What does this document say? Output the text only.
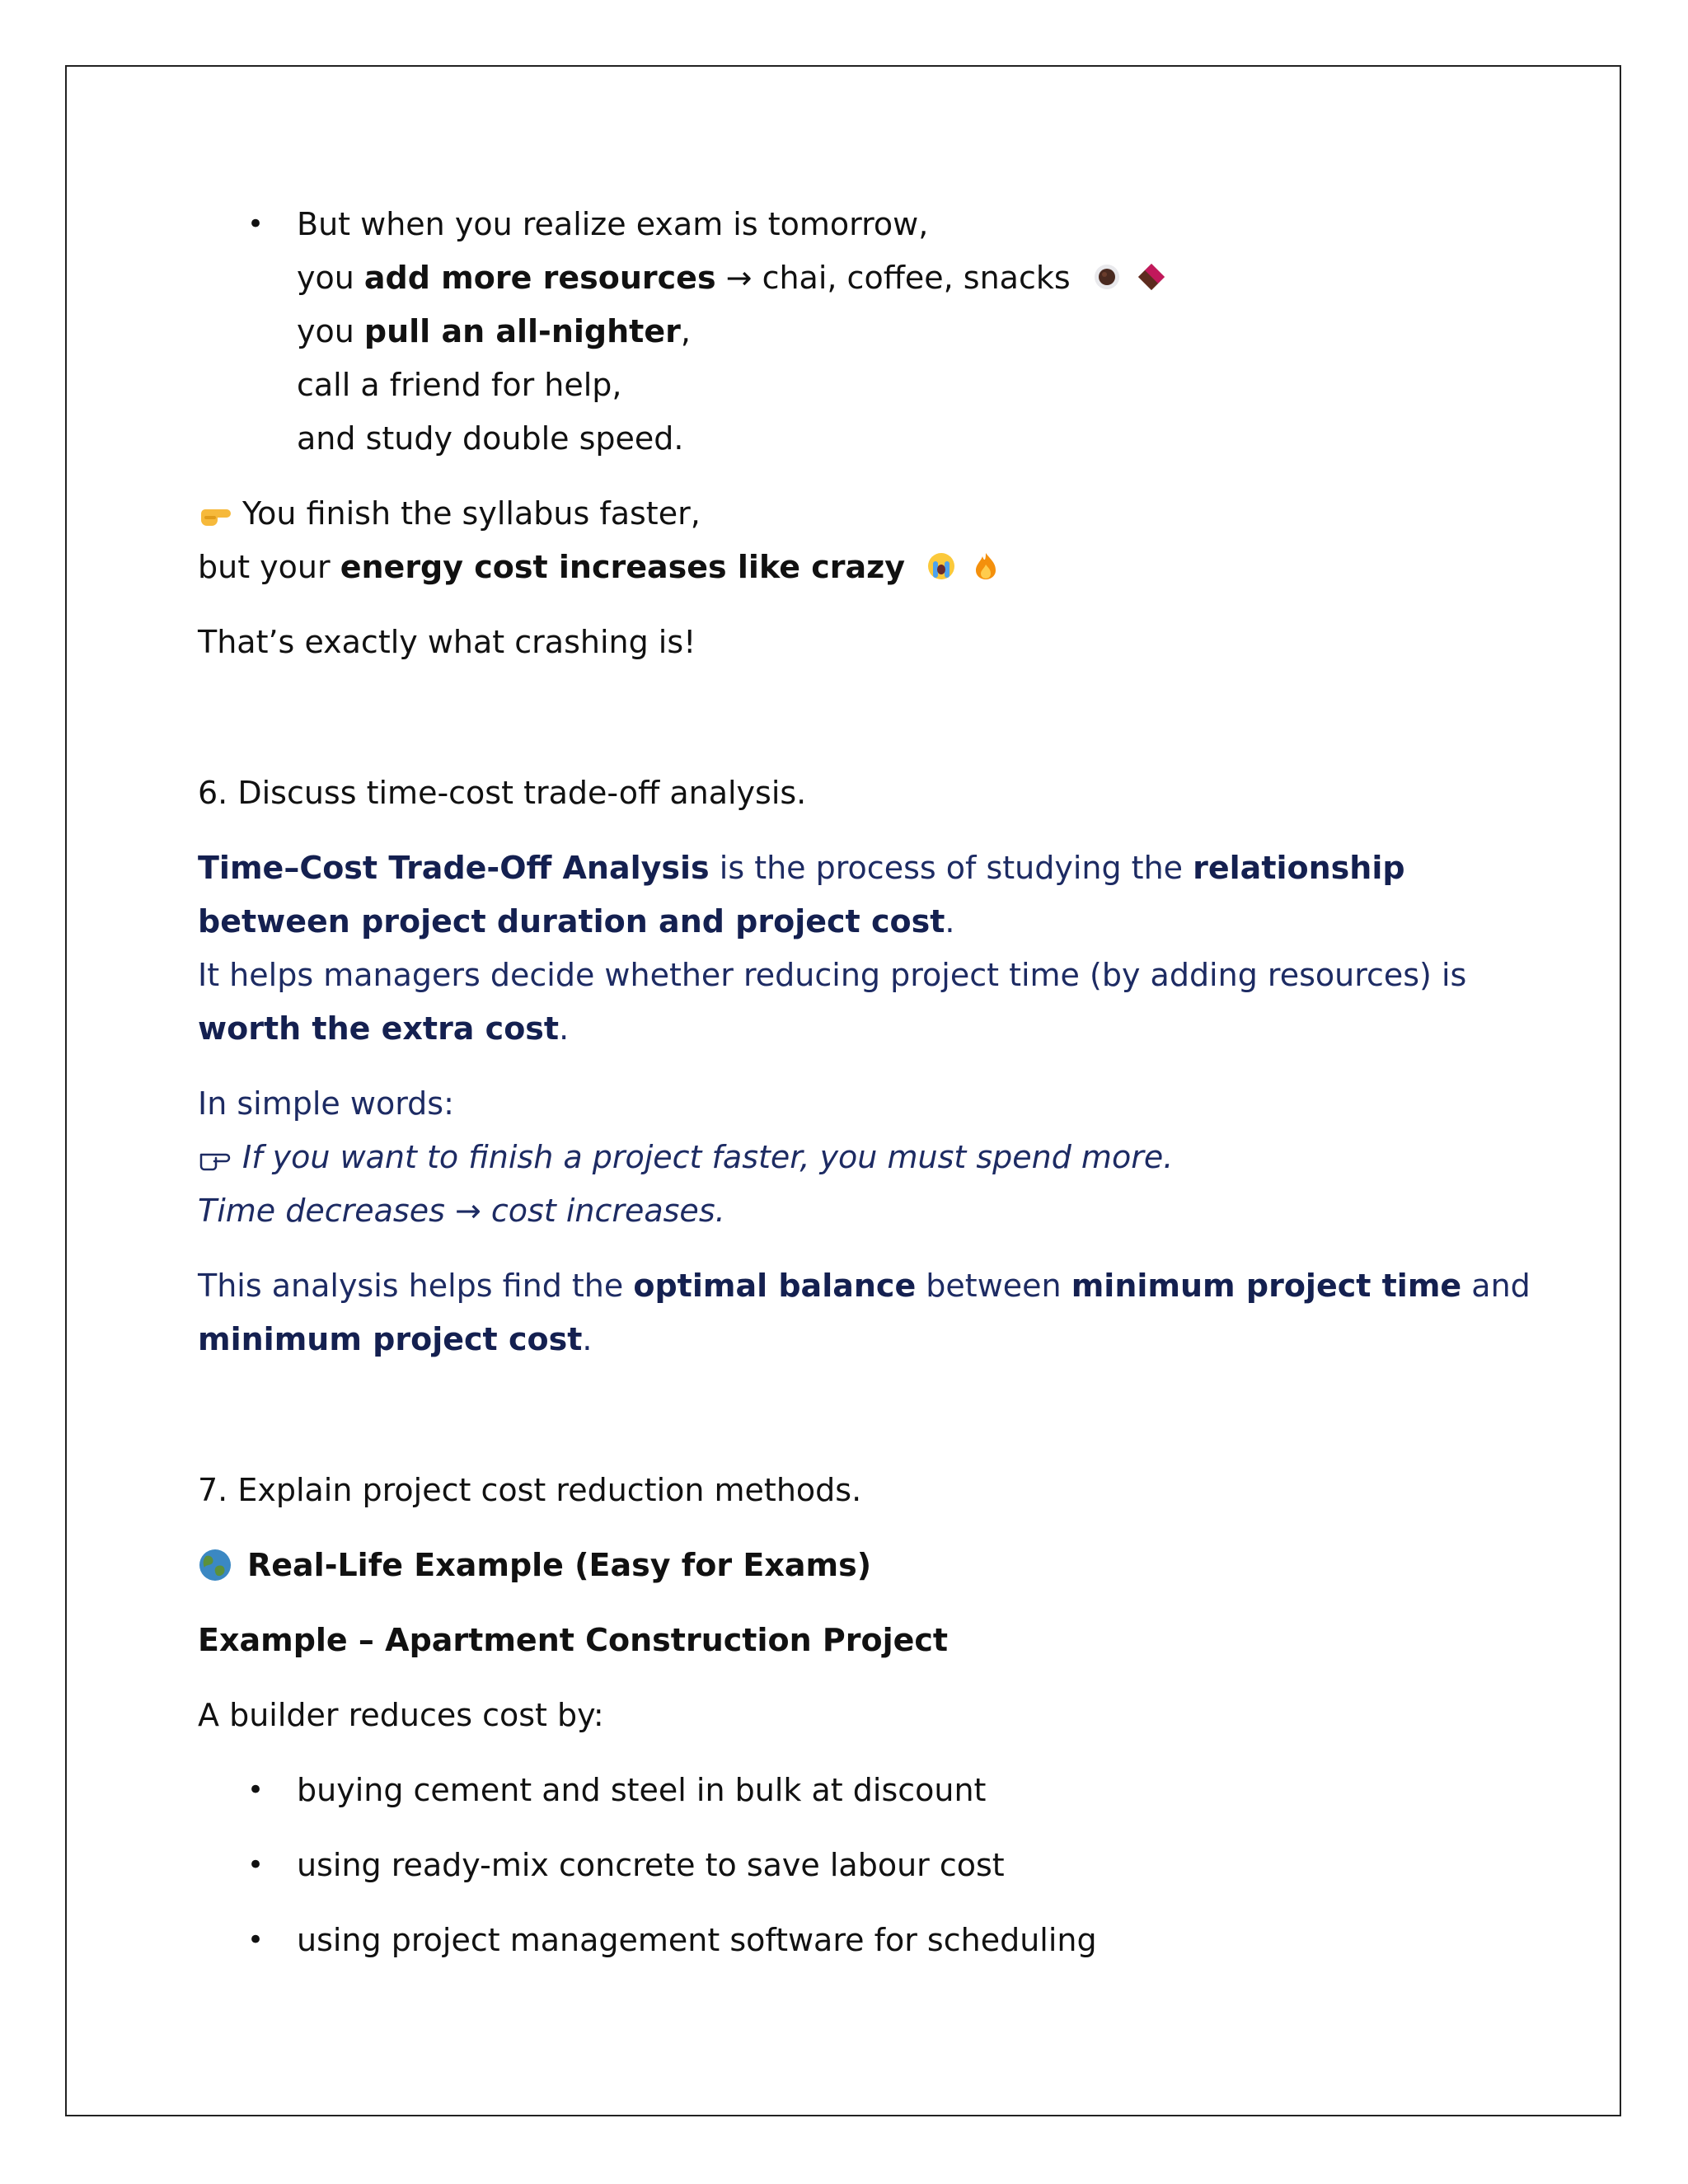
• But when you realize exam is tomorrow,
you add more resources → chai, coffee, snacks
you pull an all-nighter,
call a friend for help,
and study double speed.
You finish the syllabus faster,
but your energy cost increases like crazy
That’s exactly what crashing is!
6. Discuss time-cost trade-off analysis.
Time–Cost Trade-Off Analysis is the process of studying the relationship
between project duration and project cost.
It helps managers decide whether reducing project time (by adding resources) is
worth the extra cost.
In simple words:
If you want to finish a project faster, you must spend more.
Time decreases → cost increases.
This analysis helps find the optimal balance between minimum project time and
minimum project cost.
7. Explain project cost reduction methods.
Real-Life Example (Easy for Exams)
Example – Apartment Construction Project
A builder reduces cost by:
• buying cement and steel in bulk at discount
• using ready-mix concrete to save labour cost
• using project management software for scheduling
